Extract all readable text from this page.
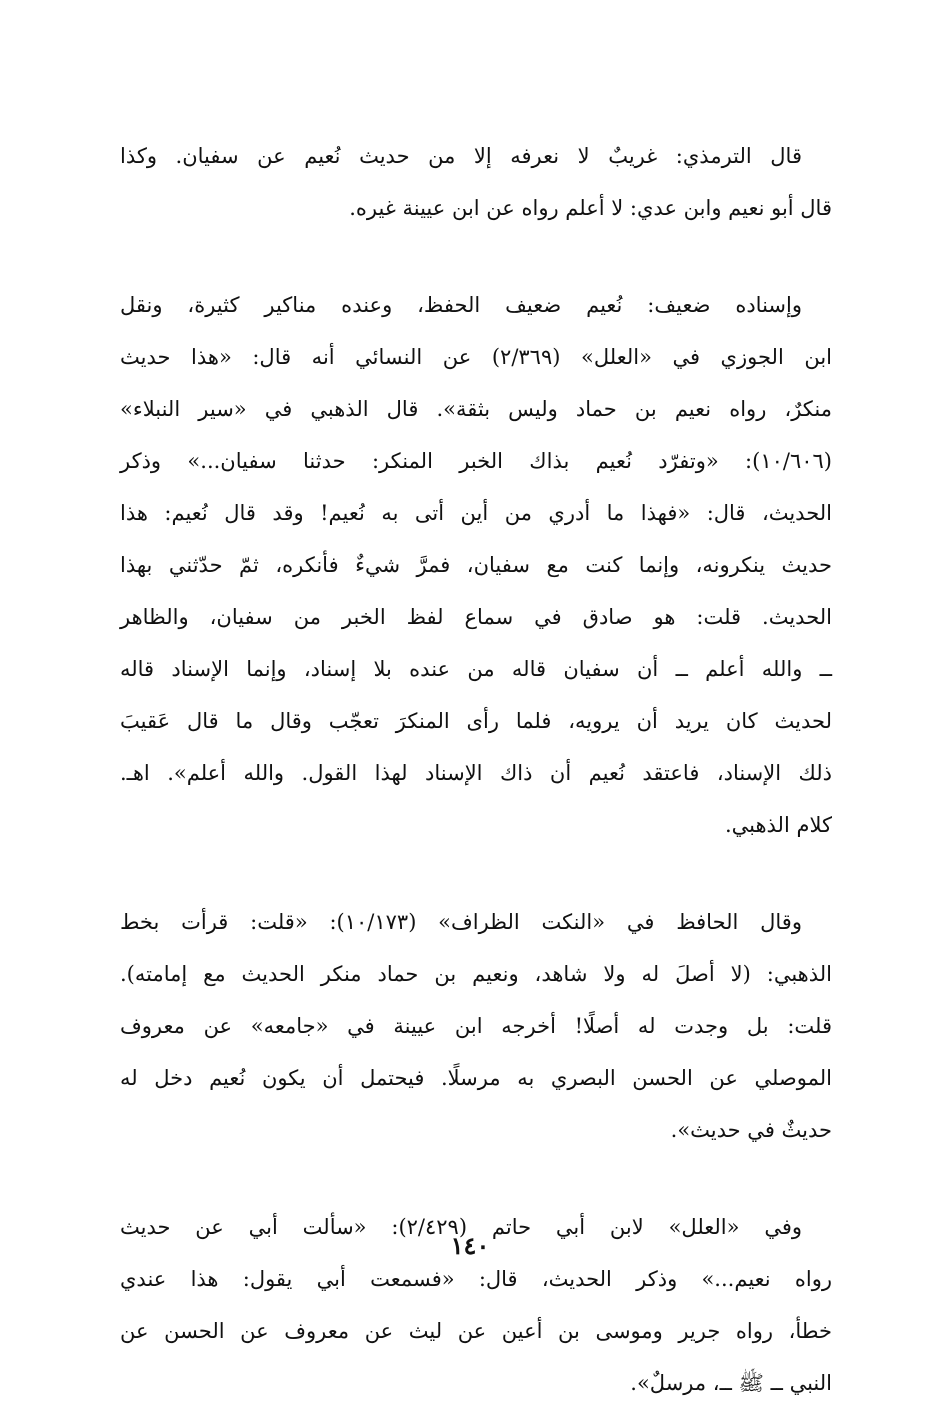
قال الترمذي: غريبٌ لا نعرفه إلا من حديث نُعيم عن سفيان. وكذا
قال أبو نعيم وابن عدي: لا أعلم رواه عن ابن عيينة غيره.
وإسناده ضعيف: نُعيم ضعيف الحفظ، وعنده مناكير كثيرة، ونقل
ابن الجوزي في «العلل» (٢/٣٦٩) عن النسائي أنه قال: «هذا حديث
منكرٌ، رواه نعيم بن حماد وليس بثقة». قال الذهبي في «سير النبلاء»
(١٠/٦٠٦): «وتفرّد نُعيم بذاك الخبر المنكر: حدثنا سفيان...» وذكر
الحديث، قال: «فهذا ما أدري من أين أتى به نُعيم! وقد قال نُعيم: هذا
حديث ينكرونه، وإنما كنت مع سفيان، فمرَّ شيءٌ فأنكره، ثمّ حدّثني بهذا
الحديث. قلت: هو صادق في سماع لفظ الخبر من سفيان، والظاهر
ــ والله أعلم ــ أن سفيان قاله من عنده بلا إسناد، وإنما الإسناد قاله
لحديث كان يريد أن يرويه، فلما رأى المنكرَ تعجّب وقال ما قال عَقيبَ
ذلك الإسناد، فاعتقد نُعيم أن ذاك الإسناد لهذا القول. والله أعلم». اهـ.
كلام الذهبي.
وقال الحافظ في «النكت الظراف» (١٠/١٧٣): «قلت: قرأت بخط
الذهبي: (لا أصلَ له ولا شاهد، ونعيم بن حماد منكر الحديث مع إمامته).
قلت: بل وجدت له أصلًا! أخرجه ابن عيينة في «جامعه» عن معروف
الموصلي عن الحسن البصري به مرسلًا. فيحتمل أن يكون نُعيم دخل له
حديثٌ في حديث».
وفي «العلل» لابن أبي حاتم (٢/٤٢٩): «سألت أبي عن حديث
رواه نعيم...» وذكر الحديث، قال: «فسمعت أبي يقول: هذا عندي
خطأ، رواه جرير وموسى بن أعين عن ليث عن معروف عن الحسن عن
النبي ــ ﷺ ــ، مرسلٌ».
١٤٠
